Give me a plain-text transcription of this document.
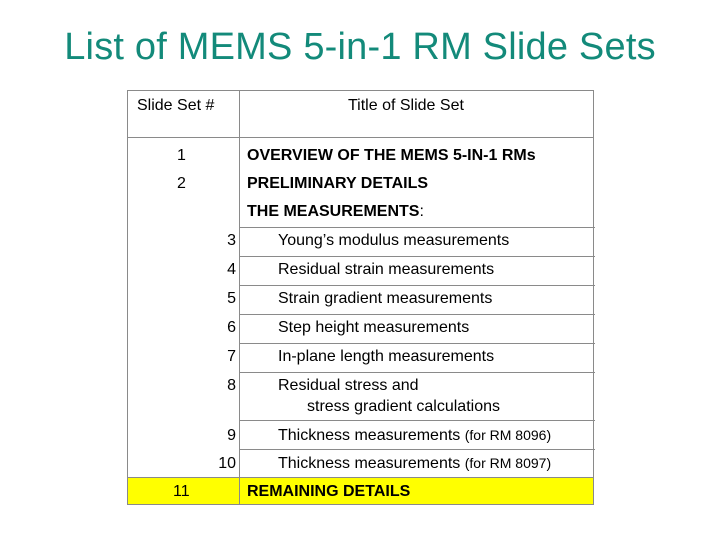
List of MEMS 5-in-1 RM Slide Sets
Slide Set #	Title of Slide Set
1	OVERVIEW OF THE MEMS 5-IN-1 RMs
2	PRELIMINARY DETAILS
THE MEASUREMENTS:
3	Young’s modulus measurements
4	Residual strain measurements
5	Strain gradient measurements
6	Step height measurements
7	In-plane length measurements
8	Residual stress and
stress gradient calculations
9	Thickness measurements (for RM 8096)
10	Thickness measurements (for RM 8097)
11	REMAINING DETAILS
